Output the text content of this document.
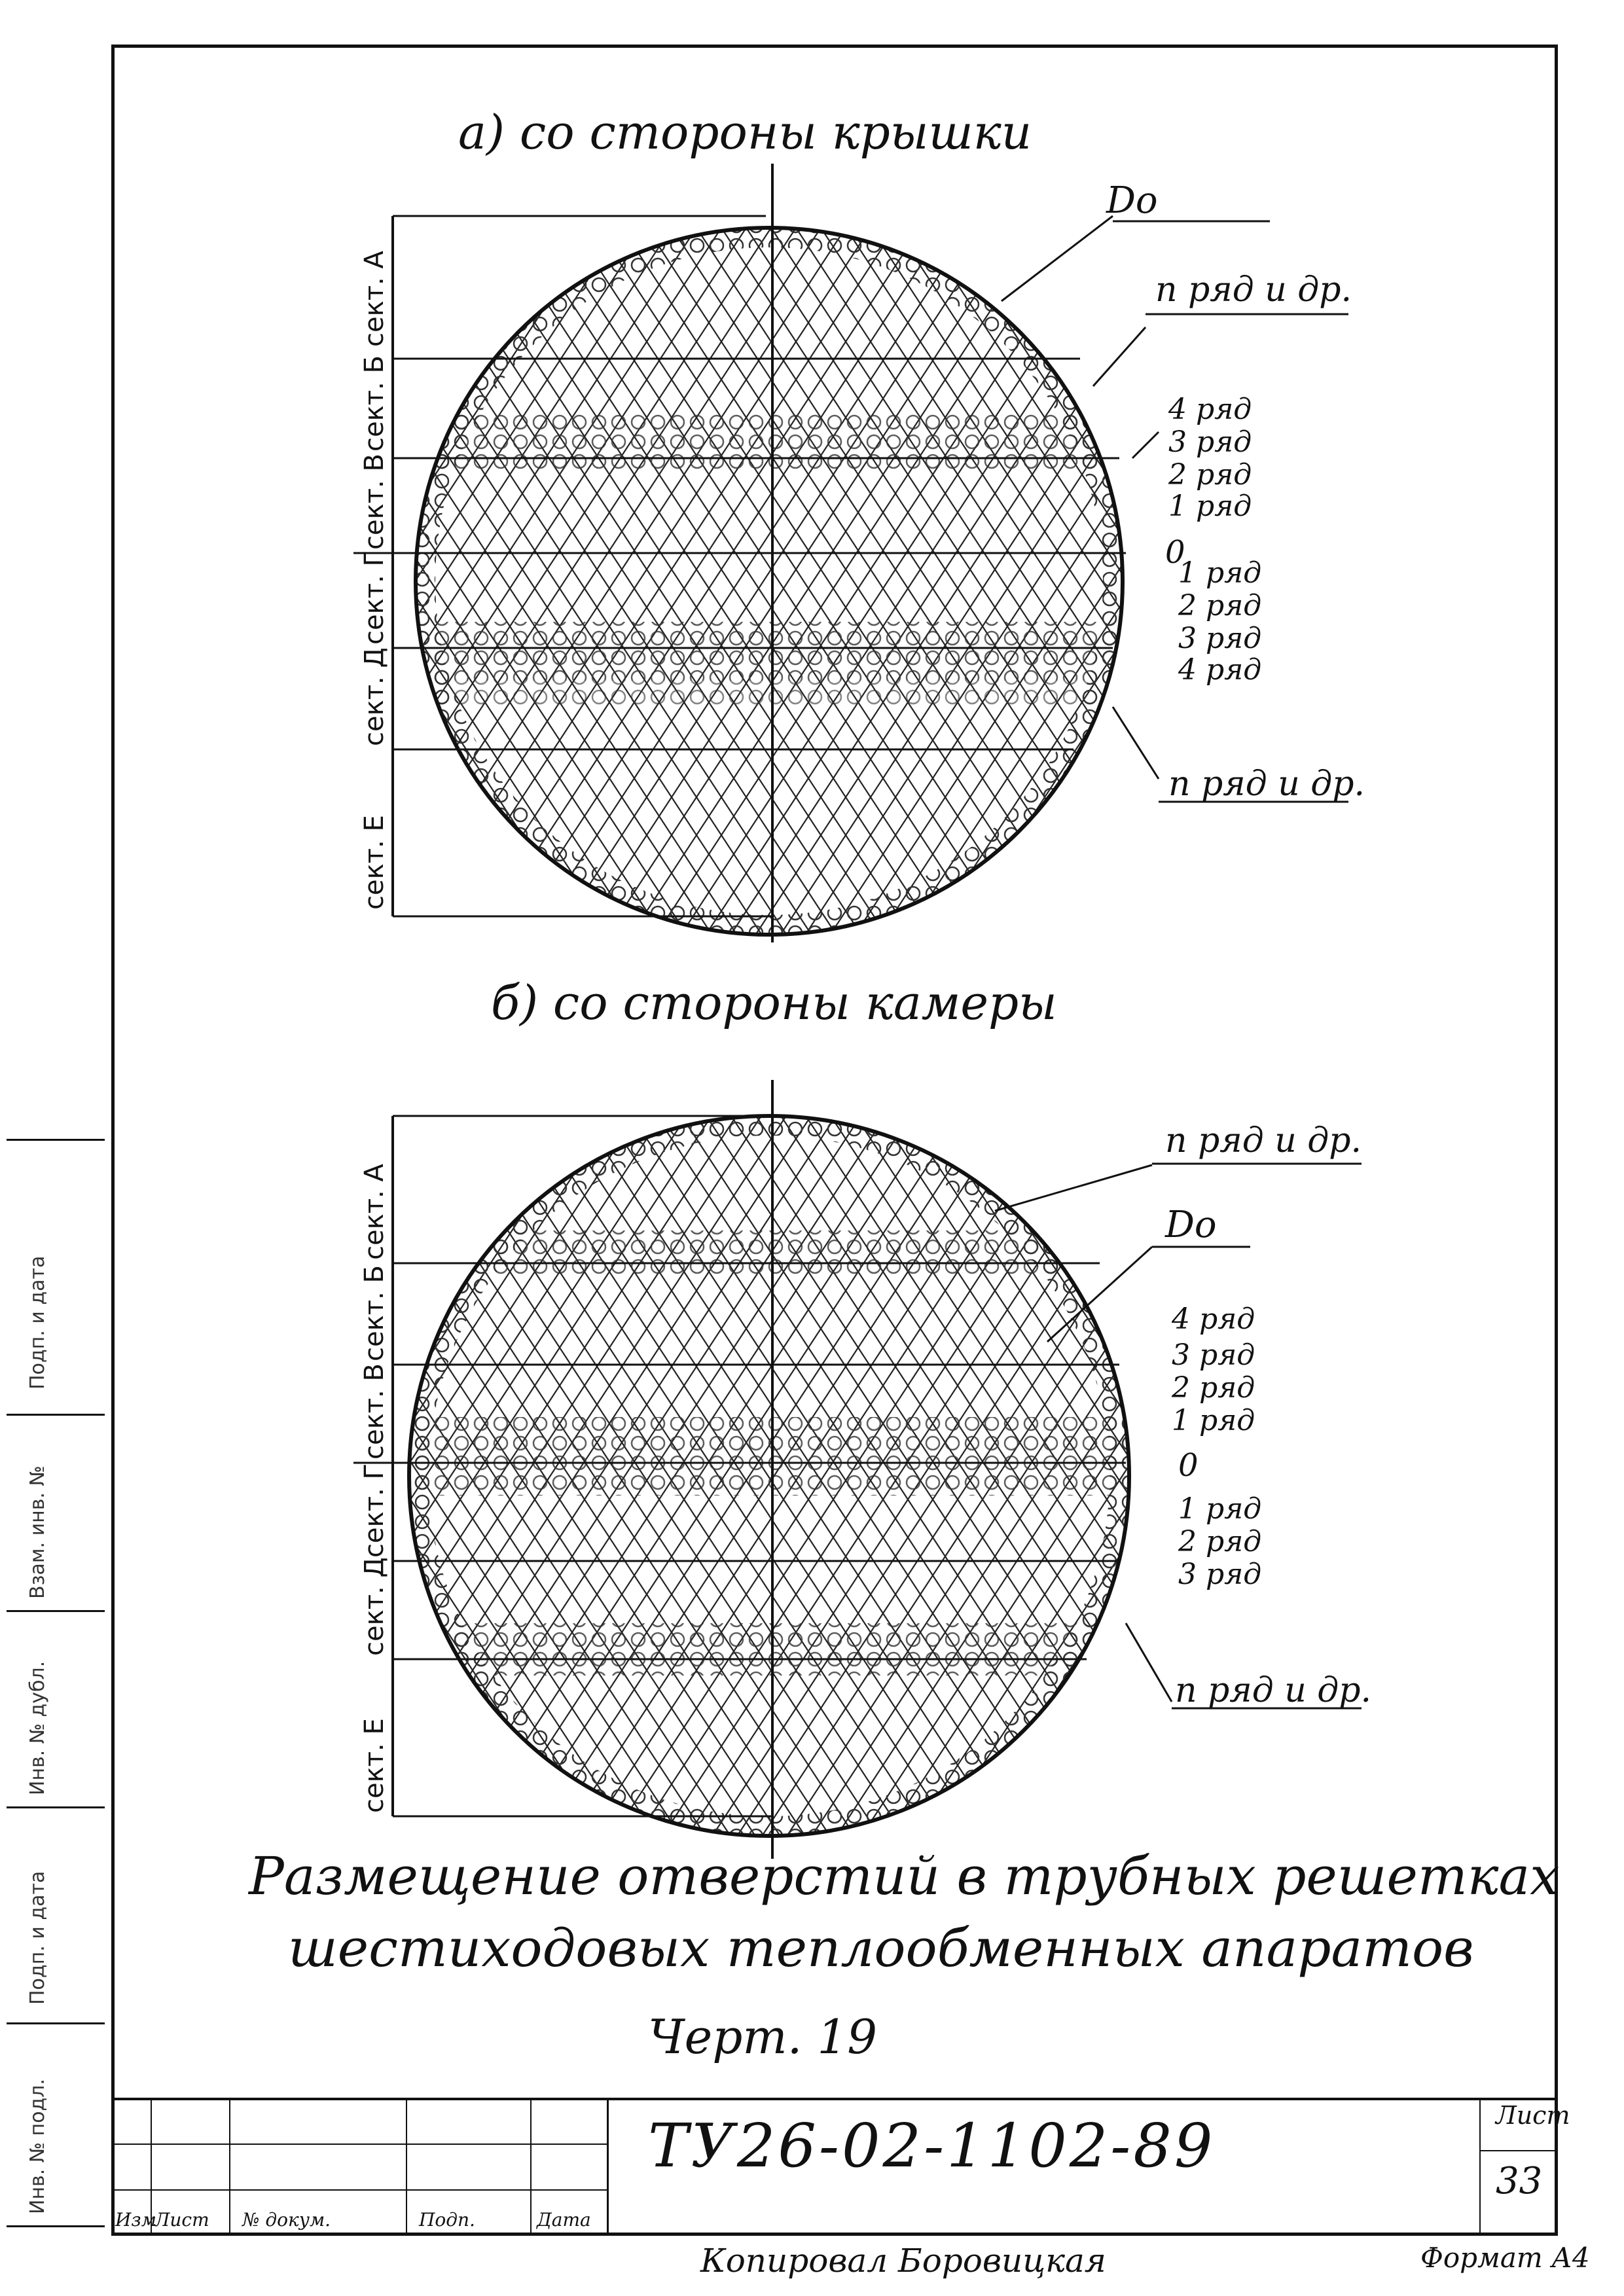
а) со стороны крышки
б) со стороны камеры
Dо
п ряд и др.
4 ряд
3 ряд
2 ряд
1 ряд
0
1 ряд
2 ряд
3 ряд
4 ряд
п ряд и др.
сект. А
сект. Б
сект. В
сект. Г
сект. Д
сект. Е
п ряд и др.
Dо
4 ряд
3 ряд
2 ряд
1 ряд
0
1 ряд
2 ряд
3 ряд
п ряд и др.
сект. А
сект. Б
сект. В
сект. Г
сект. Д
сект. Е
Размещение отверстий в трубных решетках
шестиходовых теплообменных апаратов
Черт. 19
Подп. и дата
Взам. инв. №
Инв. № дубл.
Подп. и дата
Инв. № подл.
Изм
Лист № докум.	Подп.	Дата
ТУ26-02-1102-89	Лист
33
Копировал Боровицкая	Формат А4
